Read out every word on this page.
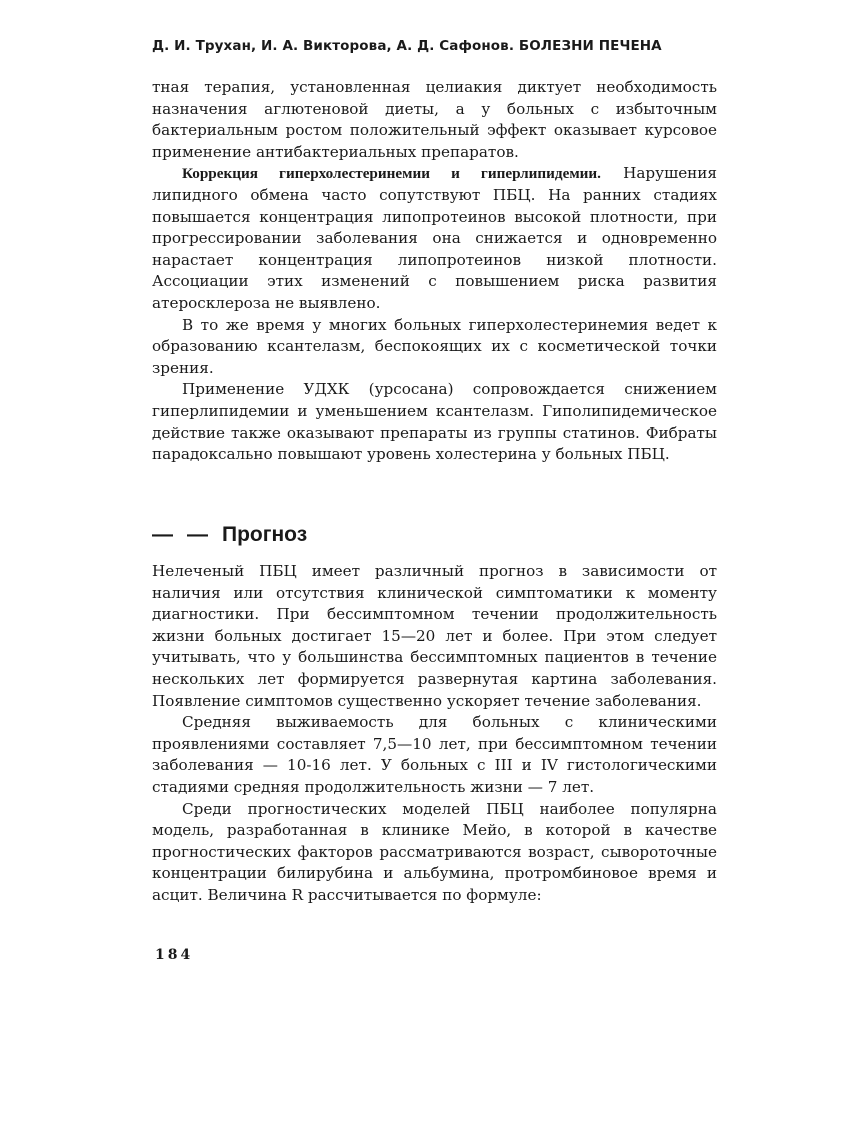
Д. И. Трухан, И. А. Викторова, А. Д. Сафонов. БОЛЕЗНИ ПЕЧЕНА

тная терапия, установленная целиакия диктует необходимость назначения аглютеновой диеты, а у больных с избыточным бактериальным ростом положительный эффект оказывает курсовое применение антибактериальных препаратов.

Коррекция гиперхолестеринемии и гиперлипидемии. Нарушения липидного обмена часто сопутствуют ПБЦ. На ранних стадиях повышается концентрация липопротеинов высокой плотности, при прогрессировании заболевания она снижается и одновременно нарастает концентрация липопротеинов низкой плотности. Ассоциации этих изменений с повышением риска развития атеросклероза не выявлено.

В то же время у многих больных гиперхолестеринемия ведет к образованию ксантелазм, беспокоящих их с косметической точки зрения.

Применение УДХК (урсосана) сопровождается снижением гиперлипидемии и уменьшением ксантелазм. Гиполипидемическое действие также оказывают препараты из группы статинов. Фибраты парадоксально повышают уровень холестерина у больных ПБЦ.

— — Прогноз

Нелеченый ПБЦ имеет различный прогноз в зависимости от наличия или отсутствия клинической симптоматики к моменту диагностики. При бессимптомном течении продолжительность жизни больных достигает 15—20 лет и более. При этом следует учитывать, что у большинства бессимптомных пациентов в течение нескольких лет формируется развернутая картина заболевания. Появление симптомов существенно ускоряет течение заболевания.

Средняя выживаемость для больных с клиническими проявлениями составляет 7,5—10 лет, при бессимптомном течении заболевания — 10-16 лет. У больных с III и IV гистологическими стадиями средняя продолжительность жизни — 7 лет.

Среди прогностических моделей ПБЦ наиболее популярна модель, разработанная в клинике Мейо, в которой в качестве прогностических факторов рассматриваются возраст, сывороточные концентрации билирубина и альбумина, протромбиновое время и асцит. Величина R рассчитывается по формуле:

184
